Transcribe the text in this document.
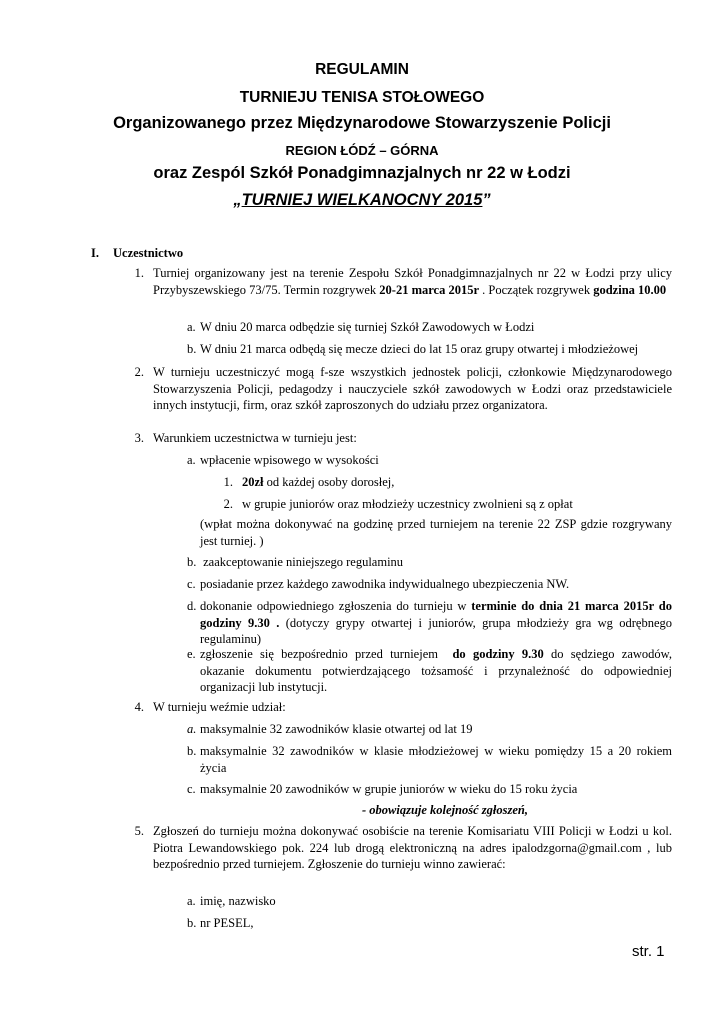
REGULAMIN
TURNIEJU TENISA STOŁOWEGO
Organizowanego przez Międzynarodowe Stowarzyszenie Policji
REGION ŁÓDŹ – GÓRNA
oraz Zespól Szkół Ponadgimnazjalnych nr 22 w Łodzi
„TURNIEJ WIELKANOCNY 2015”
I. Uczestnictwo
1. Turniej organizowany jest na terenie Zespołu Szkół Ponadgimnazjalnych nr 22 w Łodzi przy ulicy Przybyszewskiego 73/75. Termin rozgrywek 20-21 marca 2015r . Początek rozgrywek godzina 10.00
a. W dniu 20 marca odbędzie się turniej Szkół Zawodowych w Łodzi
b. W dniu 21 marca odbędą się mecze dzieci do lat 15 oraz grupy otwartej i młodzieżowej
2. W turnieju uczestniczyć mogą f-sze wszystkich jednostek policji, członkowie Międzynarodowego Stowarzyszenia Policji, pedagodzy i nauczyciele szkół zawodowych w Łodzi oraz przedstawiciele innych instytucji, firm, oraz szkół zaproszonych do udziału przez organizatora.
3. Warunkiem uczestnictwa w turnieju jest:
a. wpłacenie wpisowego w wysokości
1. 20zł od każdej osoby dorosłej,
2. w grupie juniorów oraz młodzieży uczestnicy zwolnieni są z opłat
(wpłat można dokonywać na godzinę przed turniejem na terenie 22 ZSP gdzie rozgrywany jest turniej. )
b. zaakceptowanie niniejszego regulaminu
c. posiadanie przez każdego zawodnika indywidualnego ubezpieczenia NW.
d. dokonanie odpowiedniego zgłoszenia do turnieju w terminie do dnia 21 marca 2015r do godziny 9.30 . (dotyczy grypy otwartej i juniorów, grupa młodzieży gra wg odrębnego regulaminu)
e. zgłoszenie się bezpośrednio przed turniejem  do godziny 9.30 do sędziego zawodów, okazanie dokumentu potwierdzającego tożsamość i przynależność do odpowiedniej organizacji lub instytucji.
4. W turnieju weźmie udział:
a. maksymalnie 32 zawodników klasie otwartej od lat 19
b. maksymalnie 32 zawodników w klasie młodzieżowej w wieku pomiędzy 15 a 20 rokiem życia
c. maksymalnie 20 zawodników w grupie juniorów w wieku do 15 roku życia
- obowiązuje kolejność zgłoszeń,
5. Zgłoszeń do turnieju można dokonywać osobiście na terenie Komisariatu VIII Policji w Łodzi u kol. Piotra Lewandowskiego pok. 224 lub drogą elektroniczną na adres ipalodzgorna@gmail.com , lub bezpośrednio przed turniejem. Zgłoszenie do turnieju winno zawierać:
a. imię, nazwisko
b. nr PESEL,
str. 1
